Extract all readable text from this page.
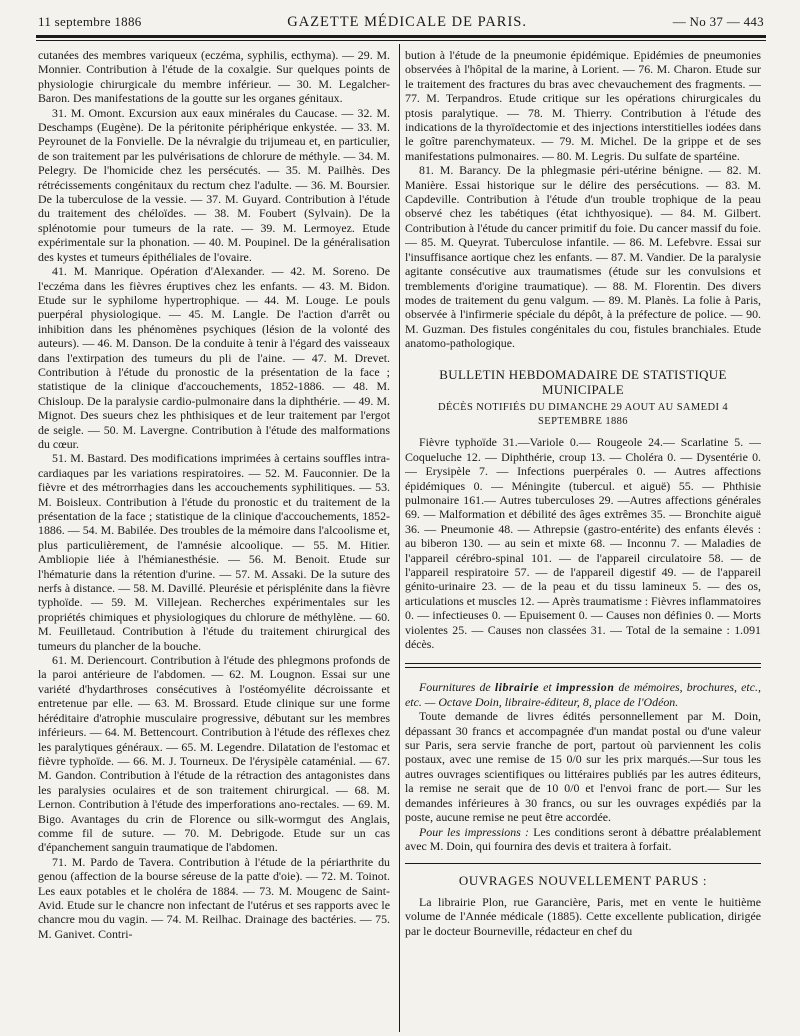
11 septembre 1886	GAZETTE MÉDICALE DE PARIS.	— No 37 — 443

cutanées des membres variqueux (eczéma, syphilis, ecthyma). — 29. M. Monnier. Contribution à l'étude de la coxalgie. Sur quelques points de physiologie chirurgicale du membre inférieur. — 30. M. Legalcher-Baron. Des manifestations de la goutte sur les organes génitaux.

31. M. Omont. Excursion aux eaux minérales du Caucase. — 32. M. Deschamps (Eugène). De la péritonite périphérique enkystée. — 33. M. Peyrounet de la Fonvielle. De la névralgie du trijumeau et, en particulier, de son traitement par les pulvérisations de chlorure de méthyle. — 34. M. Pelegry. De l'homicide chez les persécutés. — 35. M. Pailhès. Des rétrécissements congénitaux du rectum chez l'adulte. — 36. M. Boursier. De la tuberculose de la vessie. — 37. M. Guyard. Contribution à l'étude du traitement des chéloïdes. — 38. M. Foubert (Sylvain). De la splénotomie pour tumeurs de la rate. — 39. M. Lermoyez. Etude expérimentale sur la phonation. — 40. M. Poupinel. De la généralisation des kystes et tumeurs épithéliales de l'ovaire.

41. M. Manrique. Opération d'Alexander. — 42. M. Soreno. De l'eczéma dans les fièvres éruptives chez les enfants. — 43. M. Bidon. Etude sur le syphilome hypertrophique. — 44. M. Louge. Le pouls puerpéral physiologique. — 45. M. Langle. De l'action d'arrêt ou inhibition dans les phénomènes psychiques (lésion de la volonté des auteurs). — 46. M. Danson. De la conduite à tenir à l'égard des vaisseaux dans l'extirpation des tumeurs du pli de l'aine. — 47. M. Drevet. Contribution à l'étude du pronostic de la présentation de la face ; statistique de la clinique d'accouchements, 1852-1886. — 48. M. Chisloup. De la paralysie cardio-pulmonaire dans la diphthérie. — 49. M. Mignot. Des sueurs chez les phthisiques et de leur traitement par l'ergot de seigle. — 50. M. Lavergne. Contribution à l'étude des malformations du cœur.

51. M. Bastard. Des modifications imprimées à certains souffles intra-cardiaques par les variations respiratoires. — 52. M. Fauconnier. De la fièvre et des métrorrhagies dans les accouchements syphilitiques. — 53. M. Boisleux. Contribution à l'étude du pronostic et du traitement de la présentation de la face ; statistique de la clinique d'accouchements, 1852-1886. — 54. M. Babilée. Des troubles de la mémoire dans l'alcoolisme et, plus particulièrement, de l'amnésie alcoolique. — 55. M. Hitier. Ambliopie liée à l'hémianesthésie. — 56. M. Benoit. Etude sur l'hématurie dans la rétention d'urine. — 57. M. Assaki. De la suture des nerfs à distance. — 58. M. Davillé. Pleurésie et périsplénite dans la fièvre typhoïde. — 59. M. Villejean. Recherches expérimentales sur les propriétés chimiques et physiologiques du chlorure de méthylène. — 60. M. Feuilletaud. Contribution à l'étude du traitement chirurgical des tumeurs du plancher de la bouche.

61. M. Deriencourt. Contribution à l'étude des phlegmons profonds de la paroi antérieure de l'abdomen. — 62. M. Lougnon. Essai sur une variété d'hydarthroses consécutives à l'ostéomyélite décroissante et entretenue par elle. — 63. M. Brossard. Etude clinique sur une forme héréditaire d'atrophie musculaire progressive, débutant sur les membres inférieurs. — 64. M. Bettencourt. Contribution à l'étude des réflexes chez les paralytiques généraux. — 65. M. Legendre. Dilatation de l'estomac et fièvre typhoïde. — 66. M. J. Tourneux. De l'érysipèle cataménial. — 67. M. Gandon. Contribution à l'étude de la rétraction des antagonistes dans les paralysies oculaires et de son traitement chirurgical. — 68. M. Lernon. Contribution à l'étude des imperforations ano-rectales. — 69. M. Bigo. Avantages du crin de Florence ou silk-wormgut des Anglais, comme fil de suture. — 70. M. Debrigode. Etude sur un cas d'épanchement sanguin traumatique de l'abdomen.

71. M. Pardo de Tavera. Contribution à l'étude de la périarthrite du genou (affection de la bourse séreuse de la patte d'oie). — 72. M. Toinot. Les eaux potables et le choléra de 1884. — 73. M. Mougenc de Saint-Avid. Etude sur le chancre non infectant de l'utérus et ses rapports avec le chancre mou du vagin. — 74. M. Reilhac. Drainage des bactéries. — 75. M. Ganivet. Contri-

bution à l'étude de la pneumonie épidémique. Epidémies de pneumonies observées à l'hôpital de la marine, à Lorient. — 76. M. Charon. Etude sur le traitement des fractures du bras avec chevauchement des fragments. — 77. M. Terpandros. Etude critique sur les opérations chirurgicales du ptosis paralytique. — 78. M. Thierry. Contribution à l'étude des indications de la thyroïdectomie et des injections interstitielles iodées dans le goître parenchymateux. — 79. M. Michel. De la grippe et de ses manifestations pulmonaires. — 80. M. Legris. Du sulfate de spartéine.

81. M. Barancy. De la phlegmasie péri-utérine bénigne. — 82. M. Manière. Essai historique sur le délire des persécutions. — 83. M. Capdeville. Contribution à l'étude d'un trouble trophique de la peau observé chez les tabétiques (état ichthyosique). — 84. M. Gilbert. Contribution à l'étude du cancer primitif du foie. Du cancer massif du foie. — 85. M. Queyrat. Tuberculose infantile. — 86. M. Lefebvre. Essai sur l'insuffisance aortique chez les enfants. — 87. M. Vandier. De la paralysie agitante consécutive aux traumatismes (étude sur les convulsions et tremblements d'origine traumatique). — 88. M. Florentin. Des divers modes de traitement du genu valgum. — 89. M. Planès. La folie à Paris, observée à l'infirmerie spéciale du dépôt, à la préfecture de police. — 90. M. Guzman. Des fistules congénitales du cou, fistules branchiales. Etude anatomo-pathologique.

BULLETIN HEBDOMADAIRE DE STATISTIQUE MUNICIPALE
DÉCÈS NOTIFIÉS DU DIMANCHE 29 AOUT AU SAMEDI 4 SEPTEMBRE 1886

Fièvre typhoïde 31.—Variole 0.— Rougeole 24.— Scarlatine 5. — Coqueluche 12. — Diphthérie, croup 13. — Choléra 0. — Dysentérie 0. — Erysipèle 7. — Infections puerpérales 0. — Autres affections épidémiques 0. — Méningite (tubercul. et aiguë) 55. — Phthisie pulmonaire 161.— Autres tuberculoses 29. —Autres affections générales 69. — Malformation et débilité des âges extrêmes 35. — Bronchite aiguë 36. — Pneumonie 48. — Athrepsie (gastro-entérite) des enfants élevés : au biberon 130. — au sein et mixte 68. — Inconnu 7. — Maladies de l'appareil cérébro-spinal 101. — de l'appareil circulatoire 58. — de l'appareil respiratoire 57. — de l'appareil digestif 49. — de l'appareil génito-urinaire 23. — de la peau et du tissu lamineux 5. — des os, articulations et muscles 12. — Après traumatisme : Fièvres inflammatoires 0. — infectieuses 0. — Epuisement 0. — Causes non définies 0. — Morts violentes 25. — Causes non classées 31. — Total de la semaine : 1.091 décès.

Fournitures de librairie et impression de mémoires, brochures, etc., etc. — Octave Doin, libraire-éditeur, 8, place de l'Odéon.

Toute demande de livres édités personnellement par M. Doin, dépassant 30 francs et accompagnée d'un mandat postal ou d'une valeur sur Paris, sera servie franche de port, partout où parviennent les colis postaux, avec une remise de 15 0/0 sur les prix marqués.—Sur tous les autres ouvrages scientifiques ou littéraires publiés par les autres éditeurs, la remise ne serait que de 10 0/0 et l'envoi franc de port.— Sur les demandes inférieures à 30 francs, ou sur les ouvrages expédiés par la poste, aucune remise ne peut être accordée.

Pour les impressions : Les conditions seront à débattre préalablement avec M. Doin, qui fournira des devis et traitera à forfait.

OUVRAGES NOUVELLEMENT PARUS :

La librairie Plon, rue Garancière, Paris, met en vente le huitième volume de l'Année médicale (1885). Cette excellente publication, dirigée par le docteur Bourneville, rédacteur en chef du
